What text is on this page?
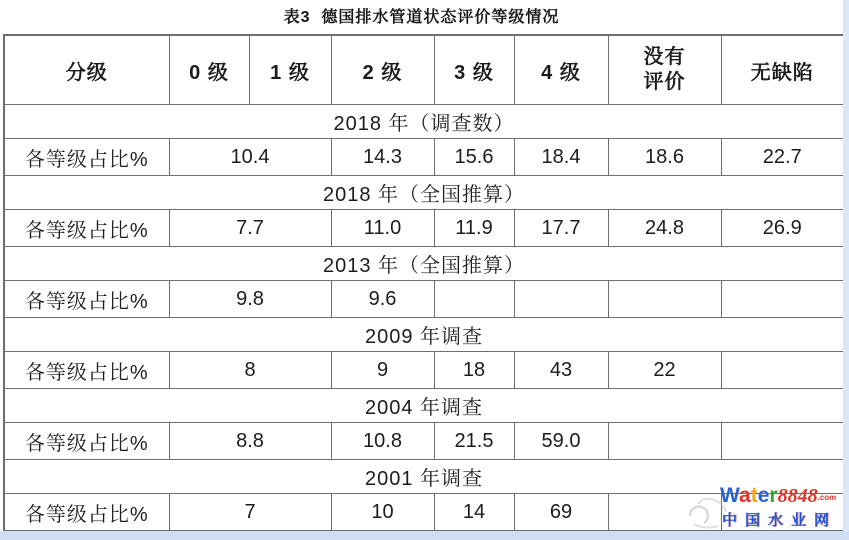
表3  德国排水管道状态评价等级情况
分级	0 级	1 级	2 级	3 级	4 级	没有评价	无缺陷
2018 年（调查数）							
各等级占比%	10.4		14.3	15.6	18.4	18.6	22.7
2018 年（全国推算）							
各等级占比%	7.7		11.0	11.9	17.7	24.8	26.9
2013 年（全国推算）							
各等级占比%	9.8		9.6				
2009 年调查							
各等级占比%	8		9	18	43	22	
2004 年调查							
各等级占比%	8.8		10.8	21.5	59.0		
2001 年调查							
各等级占比%	7		10	14	69		
Water8848.com
中国水业网
